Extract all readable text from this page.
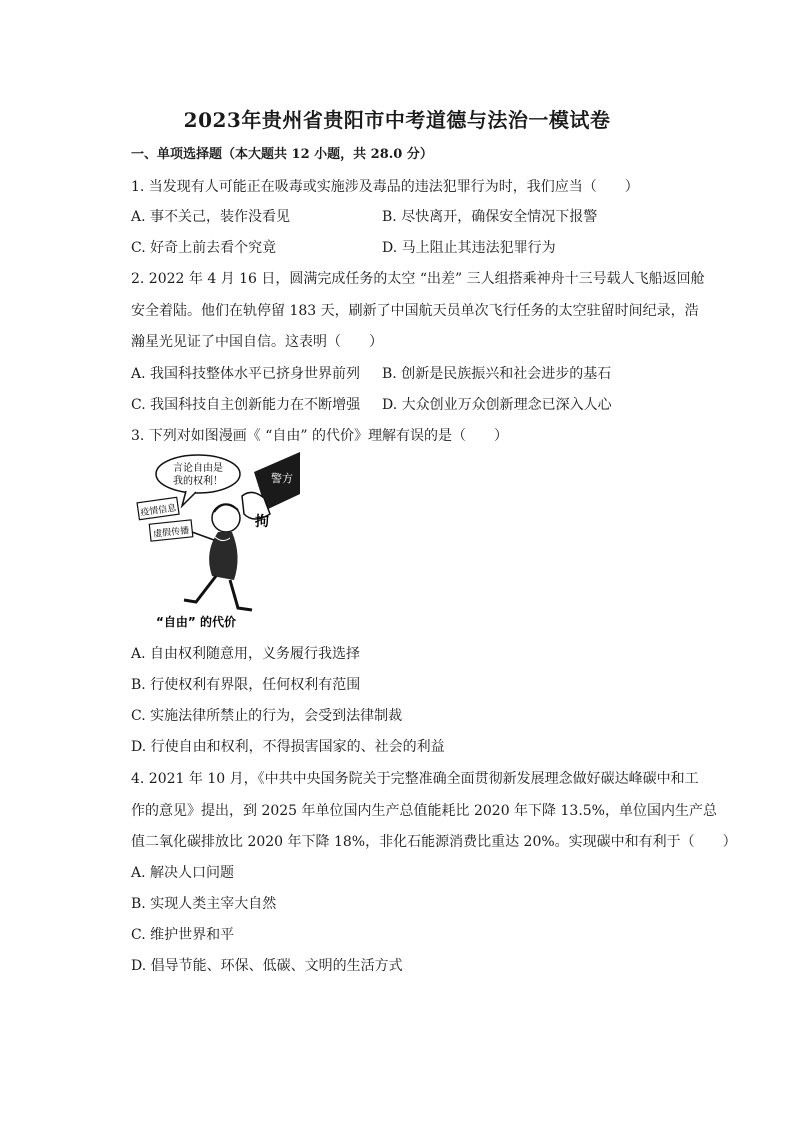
2023年贵州省贵阳市中考道德与法治一模试卷
一、单项选择题（本大题共 12 小题，共 28.0 分）
1. 当发现有人可能正在吸毒或实施涉及毒品的违法犯罪行为时，我们应当（　　）
A. 事不关己，装作没看见	B. 尽快离开，确保安全情况下报警
C. 好奇上前去看个究竟	D. 马上阻止其违法犯罪行为
2. 2022 年 4 月 16 日，圆满完成任务的太空 “出差” 三人组搭乘神舟十三号载人飞船返回舱
安全着陆。他们在轨停留 183 天，刷新了中国航天员单次飞行任务的太空驻留时间纪录，浩
瀚星光见证了中国自信。这表明（　　）
A. 我国科技整体水平已挤身世界前列 B. 创新是民族振兴和社会进步的基石
C. 我国科技自主创新能力在不断增强 D. 大众创业万众创新理念已深入人心
3. 下列对如图漫画《 “自由” 的代价》理解有误的是（　　）
言论自由是
我的权利！	警方
拘
疫情信息
虚假传播
“自由” 的代价
A. 自由权利随意用，义务履行我选择
B. 行使权利有界限，任何权利有范围
C. 实施法律所禁止的行为，会受到法律制裁
D. 行使自由和权利，不得损害国家的、社会的利益
4. 2021 年 10 月，《中共中央国务院关于完整准确全面贯彻新发展理念做好碳达峰碳中和工
作的意见》提出，到 2025 年单位国内生产总值能耗比 2020 年下降 13.5%，单位国内生产总
值二氧化碳排放比 2020 年下降 18%，非化石能源消费比重达 20%。实现碳中和有利于（　　）
A. 解决人口问题
B. 实现人类主宰大自然
C. 维护世界和平
D. 倡导节能、环保、低碳、文明的生活方式
